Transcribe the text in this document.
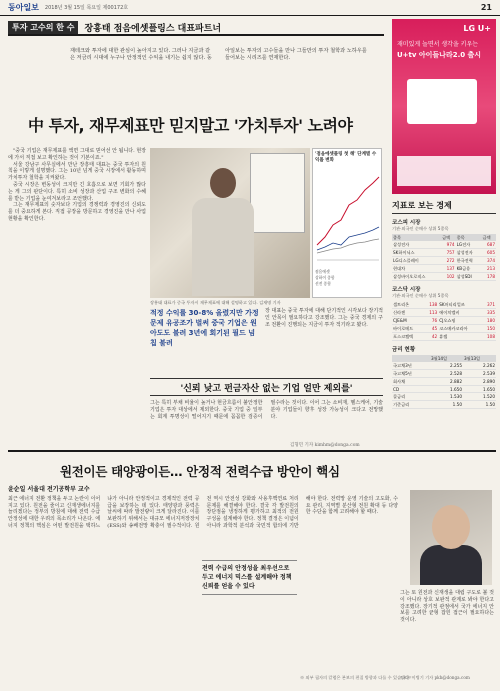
동아일보 2018년 3월 15일 목요일 제00172호	21
투자 고수의 한 수	장흥태 점음에셋플링스 대표파트너
재테크와 투자에 대한 관심이 높아지고 있다. 그러나 지금과 같은 저금리 시대에 누구나 안정적인 수익을 내기는 쉽지 않다. 동아일보는 투자의 고수들을 만나 그들만의 투자 철학과 노하우를 들어보는 시리즈를 연재한다.
中 투자, 재무제표만 믿지말고 '가치투자' 노려야

"중국 기업은 재무제표를 액면 그대로 믿어선 안 됩니다. 현장에 가서 직접 보고 확인하는 것이 기본이죠."

서울 강남구 사무실에서 만난 장흥태 대표는 중국 투자의 원칙을 이렇게 설명했다. 그는 10년 넘게 중국 시장에서 활동하며 가치투자 철학을 지켜왔다.

중국 시장은 변동성이 크지만 긴 호흡으로 보면 기회가 많다는 게 그의 판단이다. 특히 소비 성장과 산업 구조 변화의 수혜를 받는 기업을 눈여겨보라고 조언했다.

그는 재무제표의 숫자보다 기업의 경쟁력과 경영진의 신뢰도를 더 중요하게 본다. 직접 공장을 방문하고 경영진을 만나 사업 현황을 확인한다.

장흥태 대표가 중국 투자시 재무제표에 대해 설명하고 있다. 김재명 기자
'점음에셋플링 첫 해' 단계별 수익률 변화
점음에셋
상하이 종합
선전 종합
적정 수익률 30-8% 올렸지만 가정문제 유공조가 벌써 중국 기업은 원 아도도 불려 3년에 회기된 필드 넘칩 불려
장 대표는 중국 투자에 대해 단기적인 시각보다 장기적인 안목이 필요하다고 강조했다. 그는 중국 경제의 구조 전환이 진행되는 지금이 투자 적기라고 봤다.
'신뢰 낮고 펀금자산 없는 기업 얼만 제외를'
그는 특히 부채 비율이 높거나 현금흐름이 불안정한 기업은 투자 대상에서 제외한다. 중국 기업 중 일부는 회계 투명성이 떨어지기 때문에 꼼꼼한 검증이 필수라는 것이다. 이어 그는 소비재, 헬스케어, 기술 분야 기업들이 향후 성장 가능성이 크다고 전망했다.
김형민 기자 kimhm@donga.com
LG U+
재미있게 놀면서 생각을 키우는
U+tv 아이들나라2.0 출시
지표로 보는 경제
코스피 시장
기관·외국인 순매수 상위 5종목
종목	금액	종목	금액
삼성전자	974	LG전자	687
SK하이닉스	757	삼성전자	605
LG디스플레이	272	한국전력	374
현대차	137	KB금융	213
삼성바이오로직스	102	삼성SDI	178
코스닥 시장
기관·외국인 순매수 상위 5종목
셀트리온	138	SK머티리얼즈	371
신라젠	113	에이치엘비	335
CJE&M	76	CJ오쇼핑	180
바이로메드	45	코스메카코리아	150
포스코켐텍	42	휴젤	108
금리 현황
	3월14일	3월13일
국고채3년	2.255	2.262
국고채5년	2.528	2.539
회사채	2.882	2.890
CD	1.650	1.650
콜금리	1.530	1.520
기준금리	1.50	1.50
원전이든 태양광이든… 안정적 전력수급 방안이 핵심
윤순일 서울대 전기공학부 교수
최근 에너지 전환 정책을 두고 논란이 이어지고 있다. 원전을 줄이고 신재생에너지를 늘리겠다는 정부의 방침에 대해 전력 수급 안정성에 대한 우려의 목소리가 나온다. 에너지 정책의 핵심은 어떤 발전원을 택하느냐가 아니라 안정적이고 경제적인 전력 공급을 보장하는 데 있다. 태양광과 풍력은 날씨에 따라 발전량이 크게 달라진다. 이를 보완하기 위해서는 대규모 에너지저장장치(ESS)와 송배전망 확충이 필수적이다. 원전 역시 안전성 강화와 사용후핵연료 처리 문제를 해결해야 한다. 결국 각 발전원의 장단점을 냉정하게 평가하고 최적의 전원 구성을 설계해야 한다. 정책 결정은 이념이 아니라 과학적 분석과 국민적 합의에 기반해야 한다. 전력망 운영 기술의 고도화, 수요 관리, 지역별 분산형 전원 확대 등 다양한 수단을 함께 고려해야 할 때다.
전력 수급의 안정성을 최우선으로 두고 에너지 믹스를 설계해야 정책 신뢰를 얻을 수 있다
그는 또 원전과 신재생을 대립 구도로 볼 것이 아니라 상호 보완적 관계로 봐야 한다고 강조했다. 장기적 관점에서 국가 에너지 안보를 고려한 균형 잡힌 접근이 필요하다는 것이다.
※ 외부 필자의 칼럼은 본보의 편집 방향과 다를 수 있습니다.
정리=이병기 기자 pkh@donga.com
